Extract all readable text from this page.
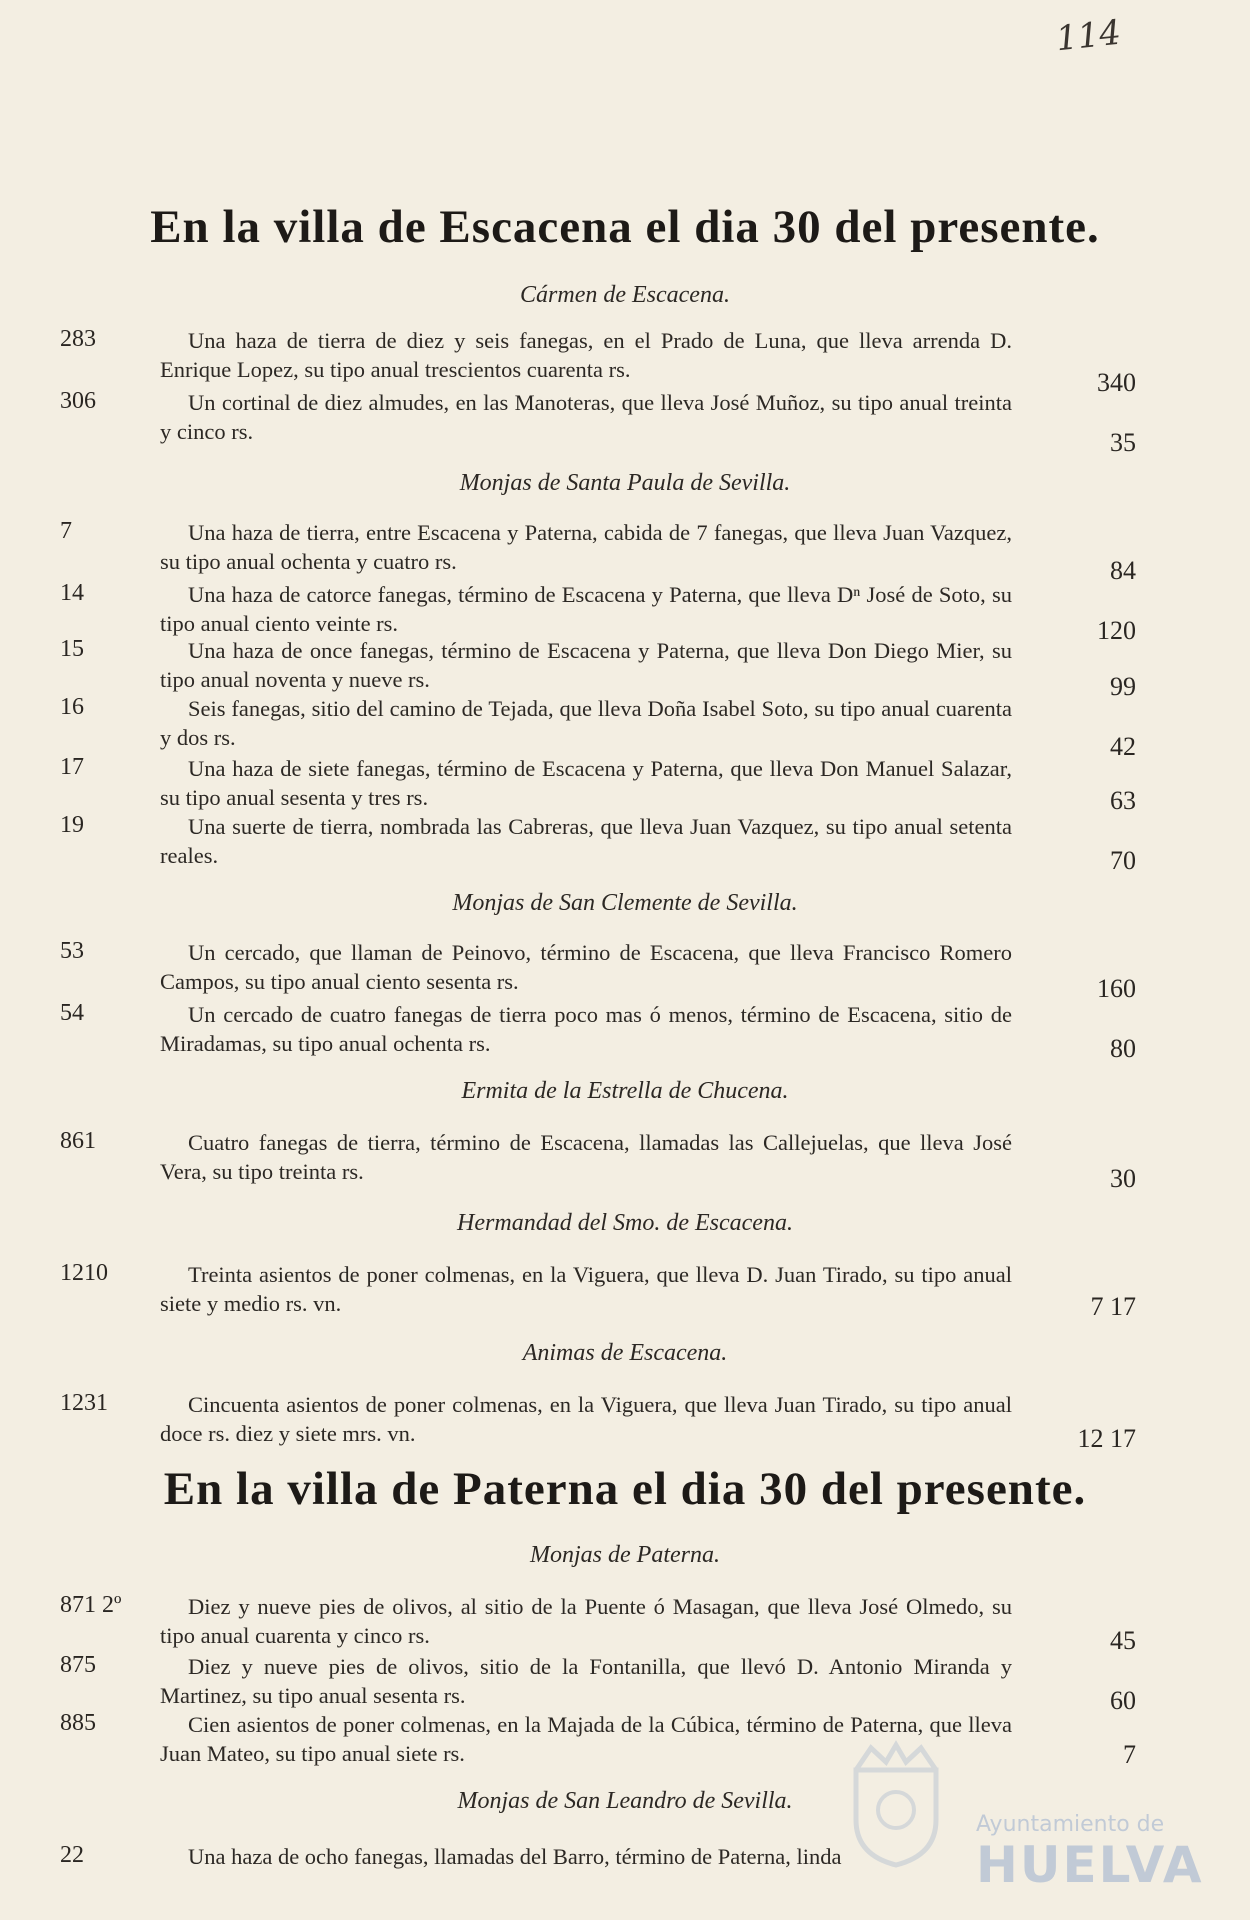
114
En la villa de Escacena el dia 30 del presente.
Cármen de Escacena.
283	Una haza de tierra de diez y seis fanegas, en el Prado de Luna, que lleva arrenda D. Enrique Lopez, su tipo anual trescientos cuarenta rs.	340
306	Un cortinal de diez almudes, en las Manoteras, que lleva José Muñoz, su tipo anual treinta y cinco rs.	35
Monjas de Santa Paula de Sevilla.
7	Una haza de tierra, entre Escacena y Paterna, cabida de 7 fanegas, que lleva Juan Vazquez, su tipo anual ochenta y cuatro rs.	84
14	Una haza de catorce fanegas, término de Escacena y Paterna, que lleva Dⁿ José de Soto, su tipo anual ciento veinte rs.	120
15	Una haza de once fanegas, término de Escacena y Paterna, que lleva Don Diego Mier, su tipo anual noventa y nueve rs.	99
16	Seis fanegas, sitio del camino de Tejada, que lleva Doña Isabel Soto, su tipo anual cuarenta y dos rs.	42
17	Una haza de siete fanegas, término de Escacena y Paterna, que lleva Don Manuel Salazar, su tipo anual sesenta y tres rs.	63
19	Una suerte de tierra, nombrada las Cabreras, que lleva Juan Vazquez, su tipo anual setenta reales.	70
Monjas de San Clemente de Sevilla.
53	Un cercado, que llaman de Peinovo, término de Escacena, que lleva Francisco Romero Campos, su tipo anual ciento sesenta rs.	160
54	Un cercado de cuatro fanegas de tierra poco mas ó menos, término de Escacena, sitio de Miradamas, su tipo anual ochenta rs.	80
Ermita de la Estrella de Chucena.
861	Cuatro fanegas de tierra, término de Escacena, llamadas las Callejuelas, que lleva José Vera, su tipo treinta rs.	30
Hermandad del Smo. de Escacena.
1210	Treinta asientos de poner colmenas, en la Viguera, que lleva D. Juan Tirado, su tipo anual siete y medio rs. vn.	7 17
Animas de Escacena.
1231	Cincuenta asientos de poner colmenas, en la Viguera, que lleva Juan Tirado, su tipo anual doce rs. diez y siete mrs. vn.	12 17
En la villa de Paterna el dia 30 del presente.
Monjas de Paterna.
871 2º	Diez y nueve pies de olivos, al sitio de la Puente ó Masagan, que lleva José Olmedo, su tipo anual cuarenta y cinco rs.	45
875	Diez y nueve pies de olivos, sitio de la Fontanilla, que llevó D. Antonio Miranda y Martinez, su tipo anual sesenta rs.	60
885	Cien asientos de poner colmenas, en la Majada de la Cúbica, término de Paterna, que lleva Juan Mateo, su tipo anual siete rs.	7
Monjas de San Leandro de Sevilla.
22	Una haza de ocho fanegas, llamadas del Barro, término de Paterna, linda
Ayuntamiento de
HUELVA
